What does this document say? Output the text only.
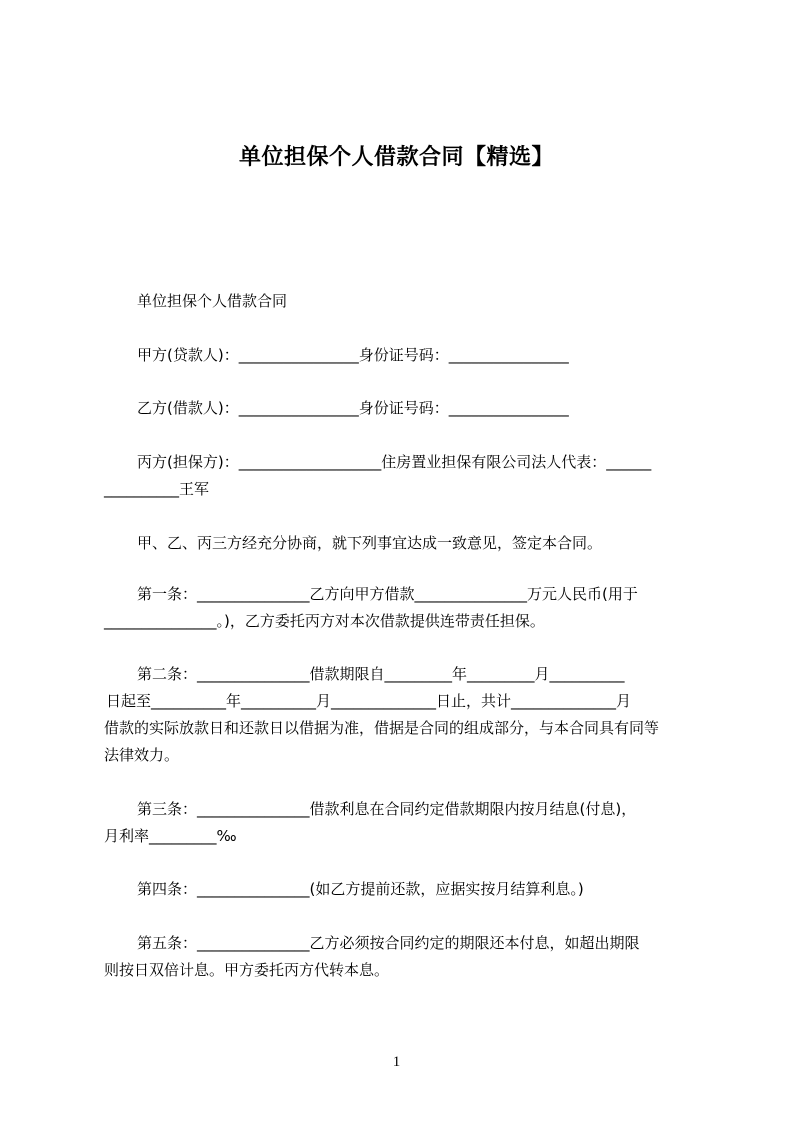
单位担保个人借款合同【精选】
单位担保个人借款合同
甲方(贷款人)：________________身份证号码：________________
乙方(借款人)：________________身份证号码：________________
丙方(担保方)：___________________住房置业担保有限公司法人代表：______
__________王军
甲、乙、丙三方经充分协商，就下列事宜达成一致意见，签定本合同。
第一条：_______________乙方向甲方借款_______________万元人民币(用于
_______________。)，乙方委托丙方对本次借款提供连带责任担保。
第二条：_______________借款期限自_________年_________月__________
日起至__________年__________月______________日止，共计______________月
借款的实际放款日和还款日以借据为准，借据是合同的组成部分，与本合同具有同等
法律效力。
第三条：_______________借款利息在合同约定借款期限内按月结息(付息)，
月利率_________‰
第四条：_______________(如乙方提前还款，应据实按月结算利息。)
第五条：_______________乙方必须按合同约定的期限还本付息，如超出期限
则按日双倍计息。甲方委托丙方代转本息。
1
